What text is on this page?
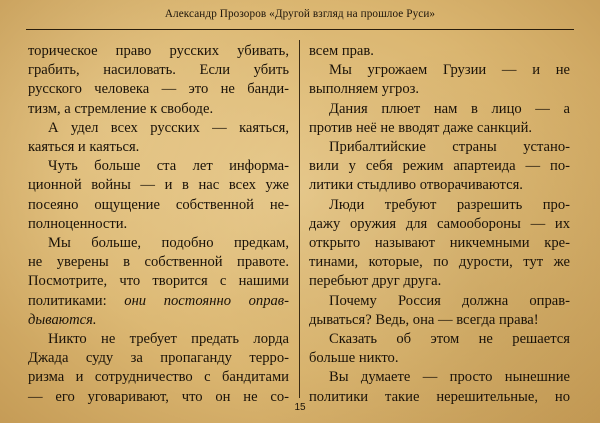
Александр Прозоров «Другой взгляд на прошлое Руси»

торическое право русских убивать,

грабить, насиловать. Если убить

русского человека — это не банди-

тизм, а стремление к свободе.

А удел всех русских — каяться,

каяться и каяться.

Чуть больше ста лет информа-

ционной войны — и в нас всех уже

посеяно ощущение собственной не-

полноценности.

Мы больше, подобно предкам,

не уверены в собственной правоте.

Посмотрите, что творится с нашими

политиками: они постоянно оправ-

дываются.

Никто не требует предать лорда

Джада суду за пропаганду терро-

ризма и сотрудничество с бандитами

— его уговаривают, что он не со-

всем прав.

Мы угрожаем Грузии — и не

выполняем угроз.

Дания плюет нам в лицо — а

против неё не вводят даже санкций.

Прибалтийские страны устано-

вили у себя режим апартеида — по-

литики стыдливо отворачиваются.

Люди требуют разрешить про-

дажу оружия для самообороны — их

открыто называют никчемными кре-

тинами, которые, по дурости, тут же

перебьют друг друга.

Почему Россия должна оправ-

дываться? Ведь, она — всегда права!

Сказать об этом не решается

больше никто.

Вы думаете — просто нынешние

политики такие нерешительные, но

15
